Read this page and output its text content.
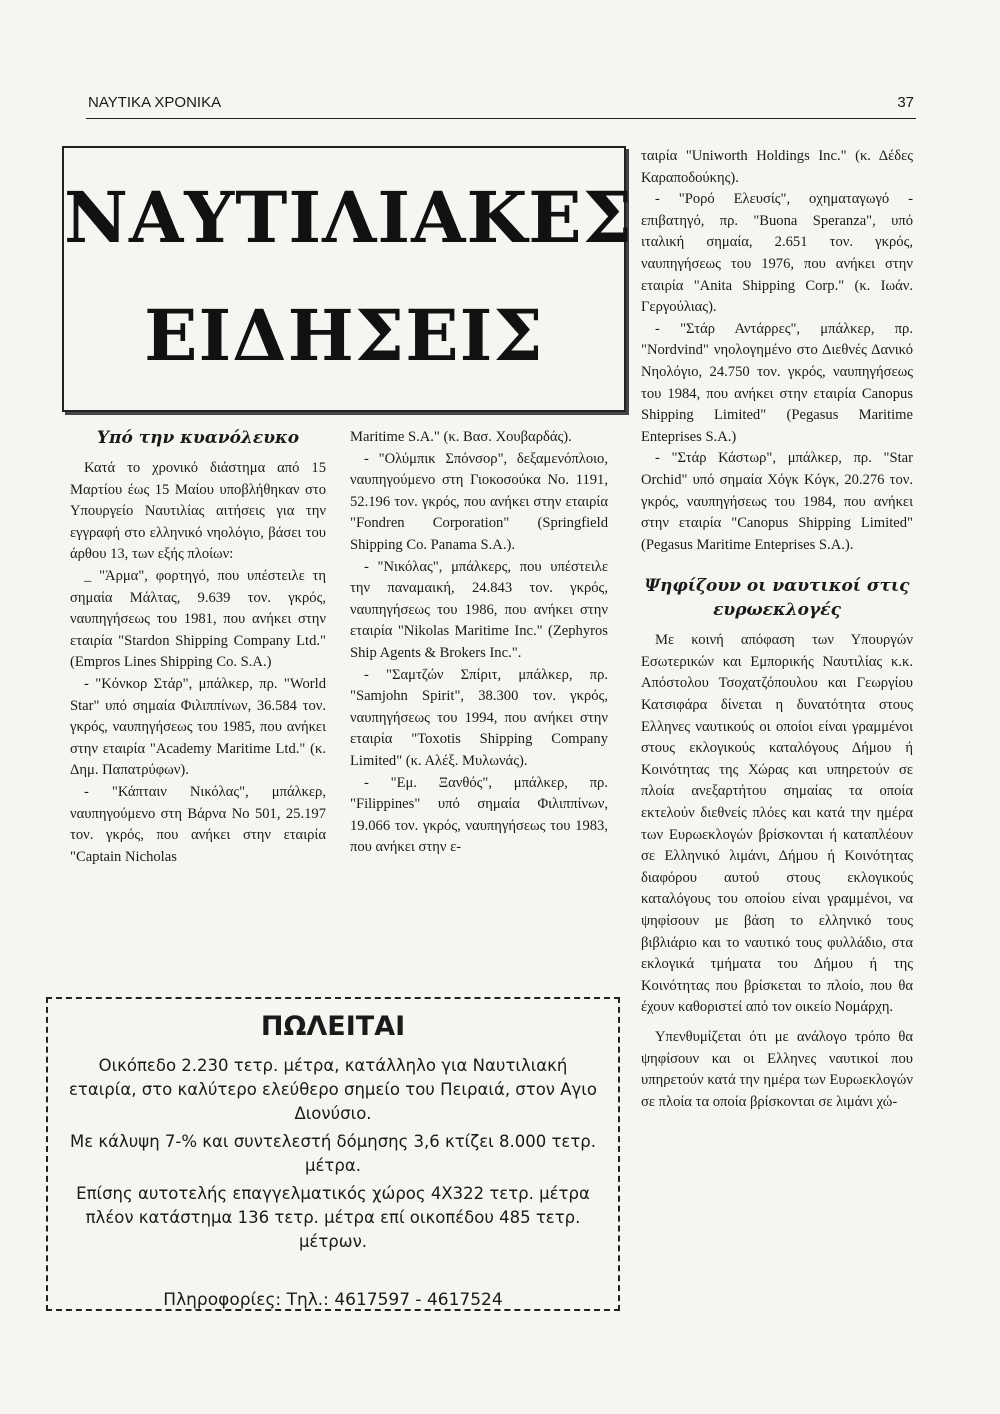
ΝΑΥΤΙΚΑ ΧΡΟΝΙΚΑ	37
ΝΑΥΤΙΛΙΑΚΕΣ
ΕΙΔΗΣΕΙΣ
Υπό την κυανόλευκο

Κατά το χρονικό διάστημα από 15 Μαρτίου έως 15 Μαίου υποβλήθηκαν στο Υπουργείο Ναυτιλίας αιτήσεις για την εγγραφή στο ελληνικό νηολόγιο, βάσει του άρθου 13, των εξής πλοίων:

_ "Άρμα", φορτηγό, που υπέστειλε τη σημαία Μάλτας, 9.639 τον. γκρός, ναυπηγήσεως του 1981, που ανήκει στην εταιρία "Stardon Shipping Company Ltd." (Empros Lines Shipping Co. S.A.)

- "Κόνκορ Στάρ", μπάλκερ, πρ. "World Star" υπό σημαία Φιλιππίνων, 36.584 τον. γκρός, ναυπηγήσεως του 1985, που ανήκει στην εταιρία "Academy Maritime Ltd." (κ. Δημ. Παπατρύφων).

- "Κάπταιν Νικόλας", μπάλκερ, ναυπηγούμενο στη Βάρνα Νο 501, 25.197 τον. γκρός, που ανήκει στην εταιρία "Captain Nicholas

Maritime S.A." (κ. Βασ. Χουβαρδάς).

- "Ολύμπικ Σπόνσορ", δεξαμενόπλοιο, ναυπηγούμενο στη Γιοκοσούκα Νο. 1191, 52.196 τον. γκρός, που ανήκει στην εταιρία "Fondren Corporation" (Springfield Shipping Co. Panama S.A.).

- "Νικόλας", μπάλκερς, που υπέστειλε την παναμαική, 24.843 τον. γκρός, ναυπηγήσεως του 1986, που ανήκει στην εταιρία "Nikolas Maritime Inc." (Zephyros Ship Agents & Brokers Inc.".

- "Σαμτζών Σπίριτ, μπάλκερ, πρ. "Samjohn Spirit", 38.300 τον. γκρός, ναυπηγήσεως του 1994, που ανήκει στην εταιρία "Toxotis Shipping Company Limited" (κ. Αλέξ. Μυλωνάς).

- "Εμ. Ξανθός", μπάλκερ, πρ. "Filippines" υπό σημαία Φιλιππίνων, 19.066 τον. γκρός, ναυπηγήσεως του 1983, που ανήκει στην ε-

ταιρία "Uniworth Holdings Inc." (κ. Δέδες Καραποδούκης).

- "Ρορό Ελευσίς", οχηματαγωγό - επιβατηγό, πρ. "Buona Speranza", υπό ιταλική σημαία, 2.651 τον. γκρός, ναυπηγήσεως του 1976, που ανήκει στην εταιρία "Anita Shipping Corp." (κ. Ιωάν. Γεργούλιας).

- "Στάρ Αντάρρες", μπάλκερ, πρ. "Nordvind" νηολογημένο στο Διεθνές Δανικό Νηολόγιο, 24.750 τον. γκρός, ναυπηγήσεως του 1984, που ανήκει στην εταιρία Canopus Shipping Limited" (Pegasus Maritime Enteprises S.A.)

- "Στάρ Κάστωρ", μπάλκερ, πρ. "Star Orchid" υπό σημαία Χόγκ Κόγκ, 20.276 τον. γκρός, ναυπηγήσεως του 1984, που ανήκει στην εταιρία "Canopus Shipping Limited" (Pegasus Maritime Enteprises S.A.).

Ψηφίζουν οι ναυτικοί στις ευρωεκλογές

Με κοινή απόφαση των Υπουργών Εσωτερικών και Εμπορικής Ναυτιλίας κ.κ. Απόστολου Τσοχατζόπουλου και Γεωργίου Κατσιφάρα δίνεται η δυνατότητα στους Ελληνες ναυτικούς οι οποίοι είναι γραμμένοι στους εκλογικούς καταλόγους Δήμου ή Κοινότητας της Χώρας και υπηρετούν σε πλοία ανεξαρτήτου σημαίας τα οποία εκτελούν διεθνείς πλόες και κατά την ημέρα των Ευρωεκλογών βρίσκονται ή καταπλέουν σε Ελληνικό λιμάνι, Δήμου ή Κοινότητας διαφόρου αυτού στους εκλογικούς καταλόγους του οποίου είναι γραμμένοι, να ψηφίσουν με βάση το ελληνικό τους βιβλιάριο και το ναυτικό τους φυλλάδιο, στα εκλογικά τμήματα του Δήμου ή της Κοινότητας που βρίσκεται το πλοίο, που θα έχουν καθοριστεί από τον οικείο Νομάρχη.

Υπενθυμίζεται ότι με ανάλογο τρόπο θα ψηφίσουν και οι Ελληνες ναυτικοί που υπηρετούν κατά την ημέρα των Ευρωεκλογών σε πλοία τα οποία βρίσκονται σε λιμάνι χώ-

ΠΩΛΕΙΤΑΙ
Οικόπεδο 2.230 τετρ. μέτρα, κατάλληλο για Ναυτιλιακή εταιρία, στο καλύτερο ελεύθερο σημείο του Πειραιά, στον Αγιο Διονύσιο.
Με κάλυψη 7-% και συντελεστή δόμησης 3,6 κτίζει 8.000 τετρ. μέτρα.
Επίσης αυτοτελής επαγγελματικός χώρος 4Χ322 τετρ. μέτρα πλέον κατάστημα 136 τετρ. μέτρα επί οικοπέδου 485 τετρ. μέτρων.
Πληροφορίες: Τηλ.: 4617597 - 4617524
